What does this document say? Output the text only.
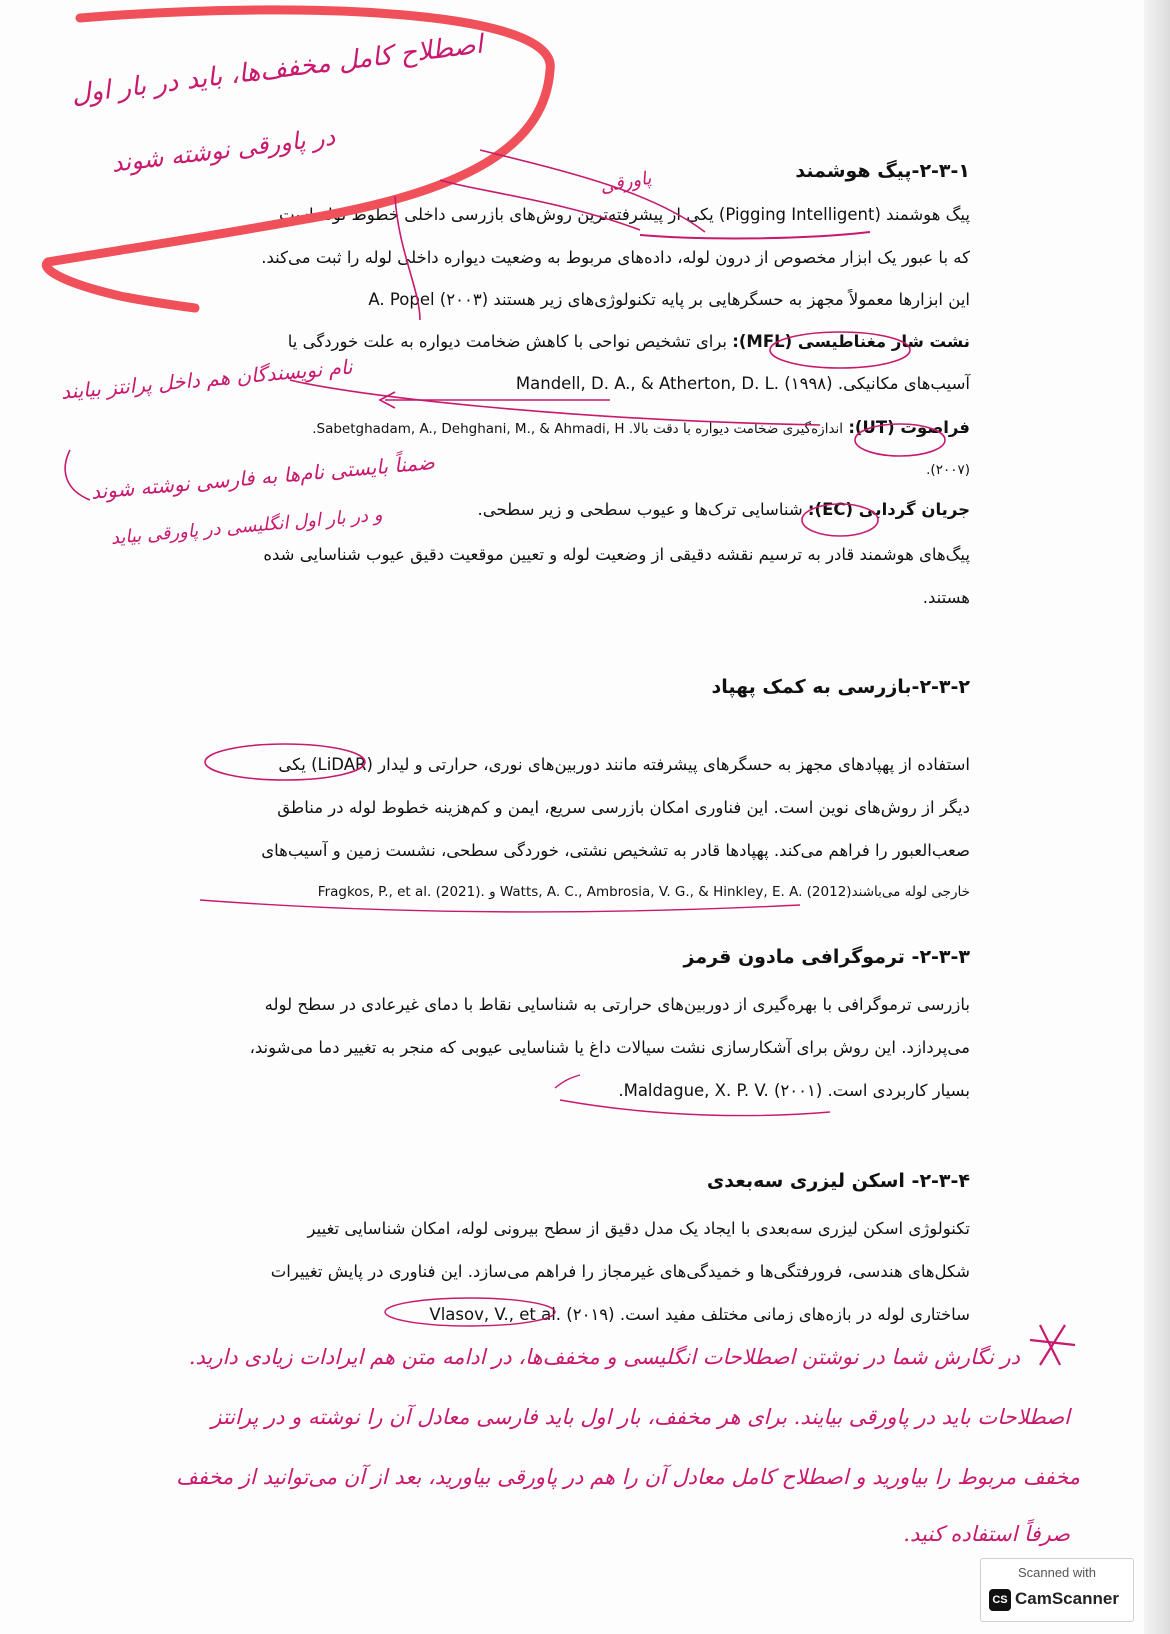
۲-۳-۱-پیگ هوشمند
پیگ هوشمند (Pigging Intelligent) یکی از پیشرفته‌ترین روش‌های بازرسی داخلی خطوط لوله است
که با عبور یک ابزار مخصوص از درون لوله، داده‌های مربوط به وضعیت دیواره داخلی لوله را ثبت می‌کند.
این ابزارها معمولاً مجهز به حسگرهایی بر پایه تکنولوژی‌های زیر هستند A. Popel (۲۰۰۳)
نشت شار مغناطیسی (MFL): برای تشخیص نواحی با کاهش ضخامت دیواره به علت خوردگی یا
آسیب‌های مکانیکی. Mandell, D. A., & Atherton, D. L. (۱۹۹۸)
فراصوت (UT): اندازه‌گیری ضخامت دیواره با دقت بالا. Sabetghadam, A., Dehghani, M., & Ahmadi, H.
(۲۰۰۷).
جریان گردابی (EC): شناسایی ترک‌ها و عیوب سطحی و زیر سطحی.
پیگ‌های هوشمند قادر به ترسیم نقشه دقیقی از وضعیت لوله و تعیین موقعیت دقیق عیوب شناسایی شده
هستند.
۲-۳-۲-بازرسی به کمک پهپاد
استفاده از پهپادهای مجهز به حسگرهای پیشرفته مانند دوربین‌های نوری، حرارتی و لیدار (LiDAR) یکی
دیگر از روش‌های نوین است. این فناوری امکان بازرسی سریع، ایمن و کم‌هزینه خطوط لوله در مناطق
صعب‌العبور را فراهم می‌کند. پهپادها قادر به تشخیص نشتی، خوردگی سطحی، نشست زمین و آسیب‌های
خارجی لوله می‌باشند(Watts, A. C., Ambrosia, V. G., & Hinkley, E. A. (2012 و .Fragkos, P., et al. (2021)
۲-۳-۳- ترموگرافی مادون قرمز
بازرسی ترموگرافی با بهره‌گیری از دوربین‌های حرارتی به شناسایی نقاط با دمای غیرعادی در سطح لوله
می‌پردازد. این روش برای آشکارسازی نشت سیالات داغ یا شناسایی عیوبی که منجر به تغییر دما می‌شوند،
بسیار کاربردی است. Maldague, X. P. V. (۲۰۰۱).
۲-۳-۴- اسکن لیزری سه‌بعدی
تکنولوژی اسکن لیزری سه‌بعدی با ایجاد یک مدل دقیق از سطح بیرونی لوله، امکان شناسایی تغییر
شکل‌های هندسی، فرورفتگی‌ها و خمیدگی‌های غیرمجاز را فراهم می‌سازد. این فناوری در پایش تغییرات
ساختاری لوله در بازه‌های زمانی مختلف مفید است. Vlasov, V., et al. (۲۰۱۹)
اصطلاح کامل مخفف‌ها، باید در بار اول
در پاورقی نوشته شوند
پاورقی
نام نویسندگان هم داخل پرانتز بیایند
ضمناً بایستی نام‌ها به فارسی نوشته شوند
و در بار اول انگلیسی در پاورقی بیاید
در نگارش شما در نوشتن اصطلاحات انگلیسی و مخفف‌ها، در ادامه متن هم ایرادات زیادی دارید.
اصطلاحات باید در پاورقی بیایند. برای هر مخفف، بار اول باید فارسی معادل آن را نوشته و در پرانتز
مخفف مربوط را بیاورید و اصطلاح کامل معادل آن را هم در پاورقی بیاورید، بعد از آن می‌توانید از مخفف
صرفاً استفاده کنید.
Scanned with
CS CamScanner
